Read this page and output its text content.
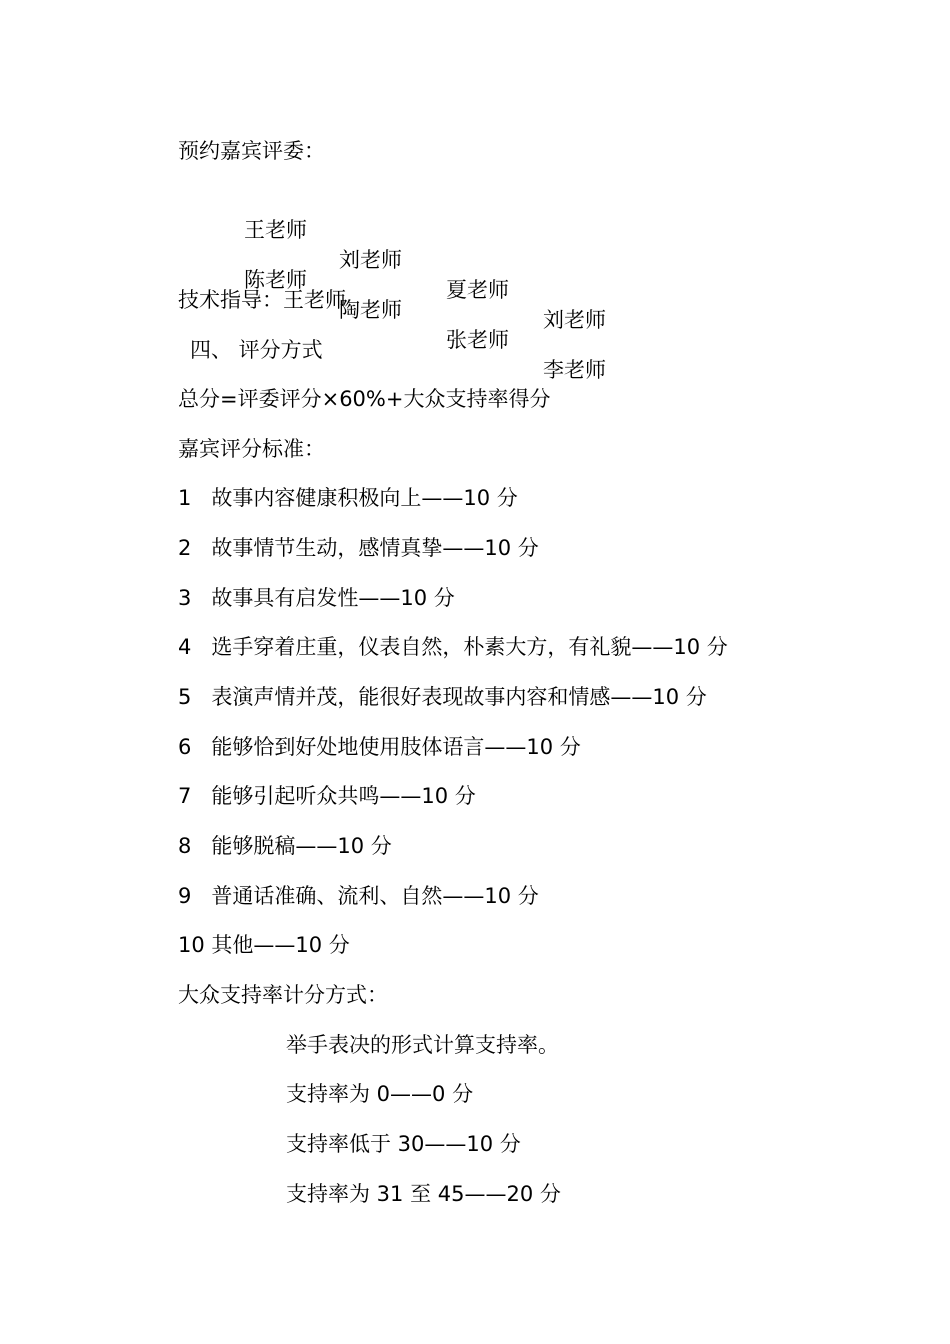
预约嘉宾评委：

王老师

刘老师

夏老师

刘老师

陈老师

陶老师

张老师

李老师

技术指导：王老师
四、 评分方式
总分=评委评分×60%+大众支持率得分
嘉宾评分标准：
1   故事内容健康积极向上——10 分
2   故事情节生动，感情真挚——10 分
3   故事具有启发性——10 分
4   选手穿着庄重，仪表自然，朴素大方，有礼貌——10 分
5   表演声情并茂，能很好表现故事内容和情感——10 分
6   能够恰到好处地使用肢体语言——10 分
7   能够引起听众共鸣——10 分
8   能够脱稿——10 分
9   普通话准确、流利、自然——10 分
10 其他——10 分
大众支持率计分方式：
举手表决的形式计算支持率。
支持率为 0——0 分
支持率低于 30——10 分
支持率为 31 至 45——20 分
